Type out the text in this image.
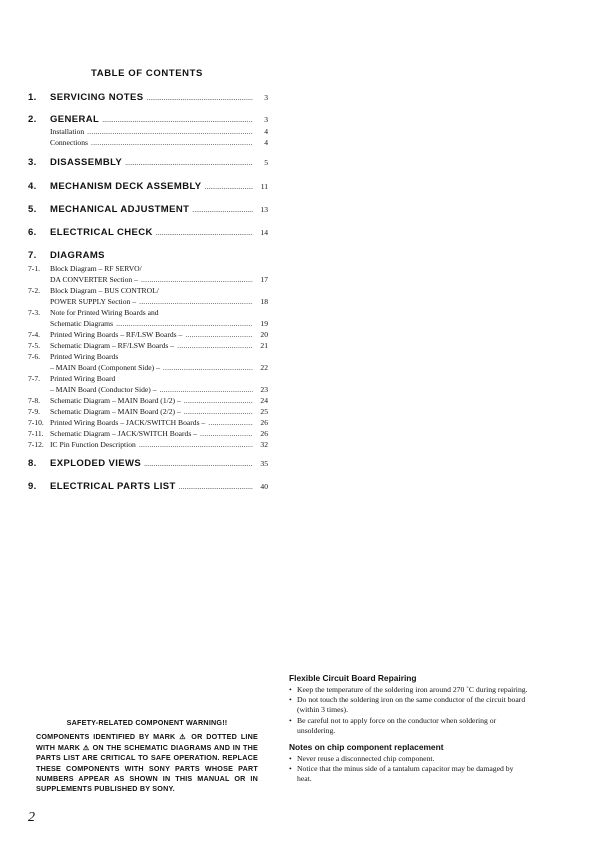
TABLE OF CONTENTS
1.	SERVICING NOTES .....	3
2.	GENERAL .....	3
Installation .....	4
Connections .....	4
3.	DISASSEMBLY .....	5
4.	MECHANISM DECK ASSEMBLY .....	11
5.	MECHANICAL ADJUSTMENT .....	13
6.	ELECTRICAL CHECK .....	14
7.	DIAGRAMS
7-1.	Block Diagram – RF SERVO/
DA CONVERTER Section – .....	17
7-2.	Block Diagram – BUS CONTROL/
POWER SUPPLY Section – .....	18
7-3.	Note for Printed Wiring Boards and
Schematic Diagrams .....	19
7-4.	Printed Wiring Boards – RF/LSW Boards – .....	20
7-5.	Schematic Diagram – RF/LSW Boards – .....	21
7-6.	Printed Wiring Boards
– MAIN Board (Component Side) – .....	22
7-7.	Printed Wiring Board
– MAIN Board (Conductor Side) – .....	23
7-8.	Schematic Diagram – MAIN Board (1/2) – .....	24
7-9.	Schematic Diagram – MAIN Board (2/2) – .....	25
7-10. Printed Wiring Boards – JACK/SWITCH Boards – .....	26
7-11. Schematic Diagram – JACK/SWITCH Boards – .....	26
7-12. IC Pin Function Description .....	32
8.	EXPLODED VIEWS .....	35
9.	ELECTRICAL PARTS LIST .....	40
SAFETY-RELATED COMPONENT WARNING!!
COMPONENTS IDENTIFIED BY MARK ⚠ OR DOTTED LINE WITH MARK ⚠ ON THE SCHEMATIC DIAGRAMS AND IN THE PARTS LIST ARE CRITICAL TO SAFE OPERATION. REPLACE THESE COMPONENTS WITH SONY PARTS WHOSE PART NUMBERS APPEAR AS SHOWN IN THIS MANUAL OR IN SUPPLEMENTS PUBLISHED BY SONY.
Flexible Circuit Board Repairing
• Keep the temperature of the soldering iron around 270 ˚C during repairing.
• Do not touch the soldering iron on the same conductor of the circuit board (within 3 times).
• Be careful not to apply force on the conductor when soldering or unsoldering.
Notes on chip component replacement
• Never reuse a disconnected chip component.
• Notice that the minus side of a tantalum capacitor may be damaged by heat.
2
